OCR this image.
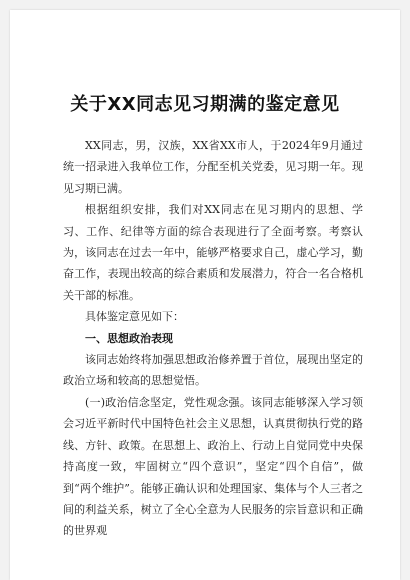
关于XX同志见习期满的鉴定意见

XX同志，男，汉族，XX省XX市人，于2024年9月通过统一招录进入我单位工作，分配至机关党委，见习期一年。现见习期已满。

根据组织安排，我们对XX同志在见习期内的思想、学习、工作、纪律等方面的综合表现进行了全面考察。考察认为，该同志在过去一年中，能够严格要求自己，虚心学习，勤奋工作，表现出较高的综合素质和发展潜力，符合一名合格机关干部的标准。

具体鉴定意见如下：

一、思想政治表现

该同志始终将加强思想政治修养置于首位，展现出坚定的政治立场和较高的思想觉悟。

(一)政治信念坚定，党性观念强。该同志能够深入学习领会习近平新时代中国特色社会主义思想，认真贯彻执行党的路线、方针、政策。在思想上、政治上、行动上自觉同党中央保持高度一致，牢固树立“四个意识”，坚定“四个自信”，做到“两个维护”。能够正确认识和处理国家、集体与个人三者之间的利益关系，树立了全心全意为人民服务的宗旨意识和正确的世界观
